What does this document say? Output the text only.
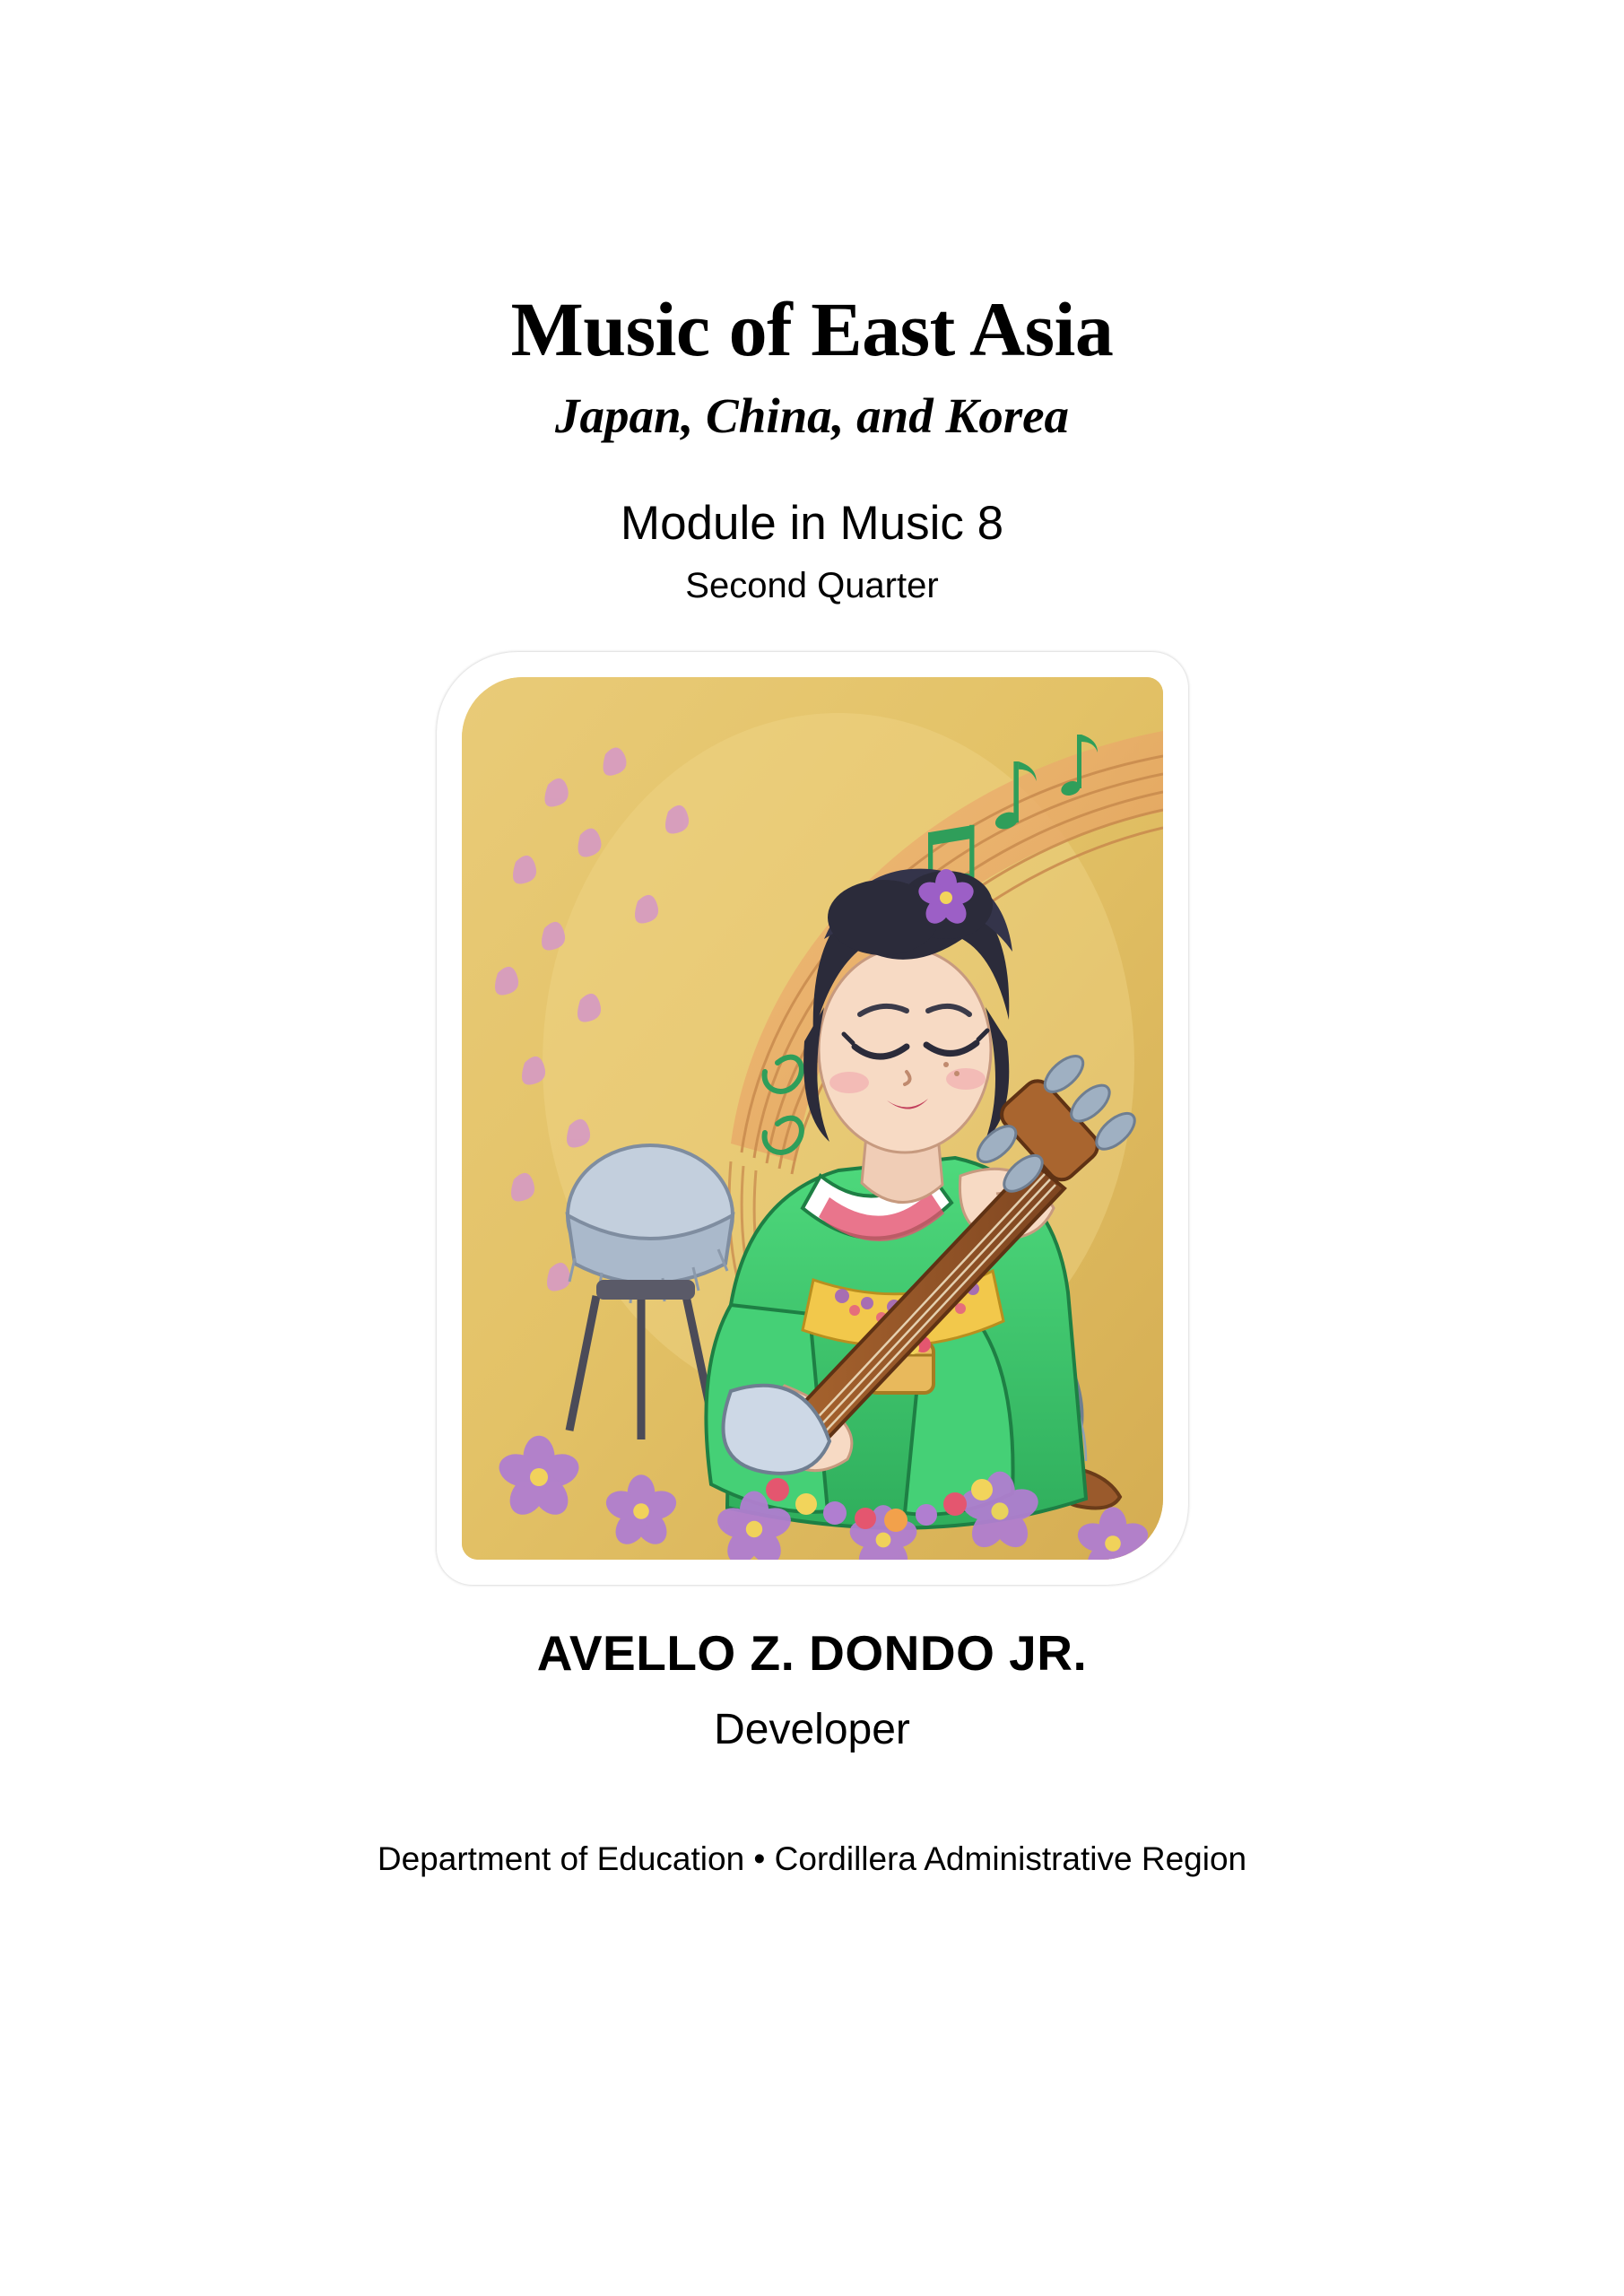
Music of East Asia
Japan, China, and Korea

Module in Music 8

Second Quarter

AVELLO Z. DONDO JR.

Developer

Department of Education • Cordillera Administrative Region
